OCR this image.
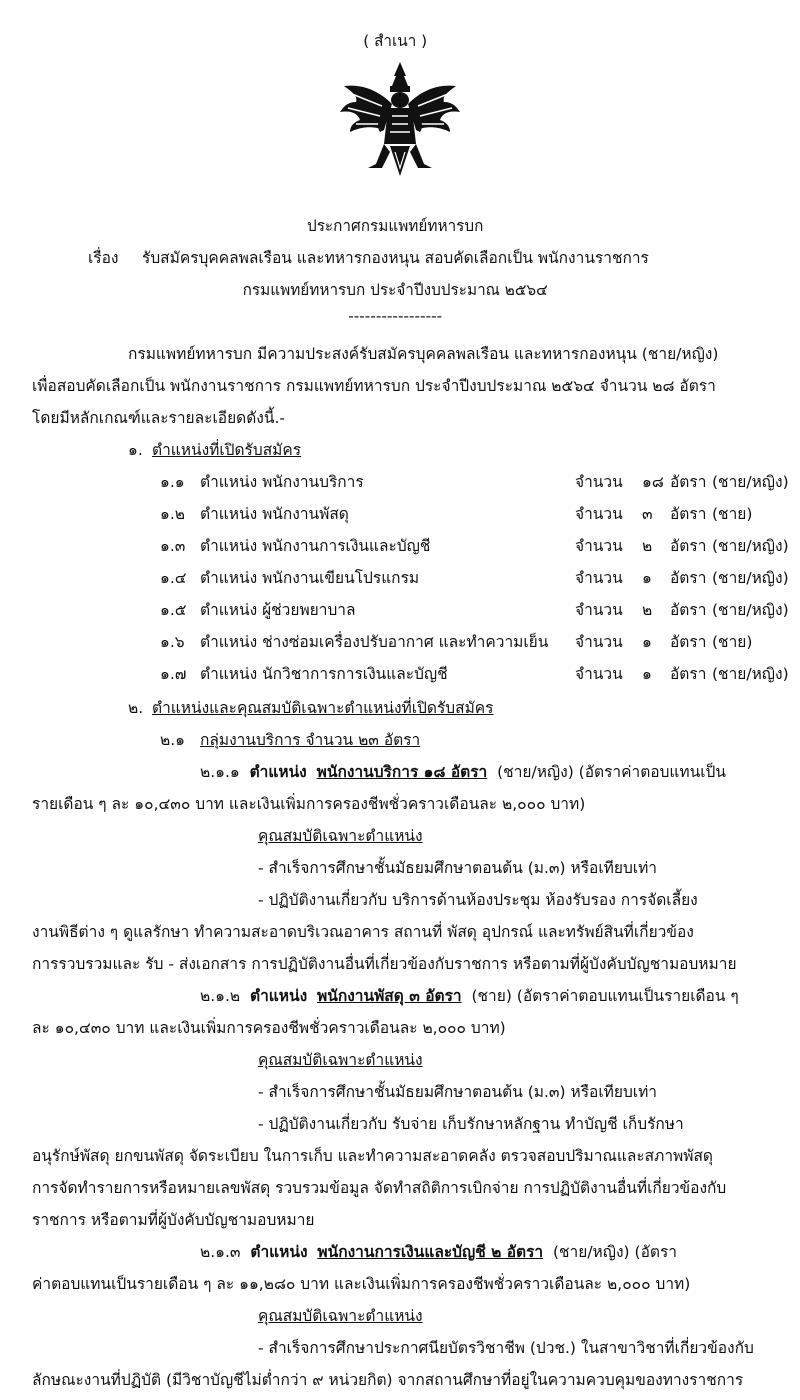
( สำเนา )
ประกาศกรมแพทย์ทหารบก
เรื่อง รับสมัครบุคคลพลเรือน และทหารกองหนุน สอบคัดเลือกเป็น พนักงานราชการ
กรมแพทย์ทหารบก ประจำปีงบประมาณ ๒๕๖๔
-----------------
กรมแพทย์ทหารบก มีความประสงค์รับสมัครบุคคลพลเรือน และทหารกองหนุน (ชาย/หญิง)
เพื่อสอบคัดเลือกเป็น พนักงานราชการ กรมแพทย์ทหารบก ประจำปีงบประมาณ ๒๕๖๔ จำนวน ๒๘ อัตรา
โดยมีหลักเกณฑ์และรายละเอียดดังนี้.-
๑. ตำแหน่งที่เปิดรับสมัคร
๑.๑ ตำแหน่ง พนักงานบริการ	จำนวน ๑๘ อัตรา (ชาย/หญิง)
๑.๒ ตำแหน่ง พนักงานพัสดุ	จำนวน ๓ อัตรา (ชาย)
๑.๓ ตำแหน่ง พนักงานการเงินและบัญชี	จำนวน ๒ อัตรา (ชาย/หญิง)
๑.๔ ตำแหน่ง พนักงานเขียนโปรแกรม	จำนวน ๑ อัตรา (ชาย/หญิง)
๑.๕ ตำแหน่ง ผู้ช่วยพยาบาล	จำนวน ๒ อัตรา (ชาย/หญิง)
๑.๖ ตำแหน่ง ช่างซ่อมเครื่องปรับอากาศ และทำความเย็น จำนวน ๑ อัตรา (ชาย)
๑.๗ ตำแหน่ง นักวิชาการการเงินและบัญชี	จำนวน ๑ อัตรา (ชาย/หญิง)
๒. ตำแหน่งและคุณสมบัติเฉพาะตำแหน่งที่เปิดรับสมัคร
๒.๑ กลุ่มงานบริการ จำนวน ๒๓ อัตรา
๒.๑.๑ ตำแหน่ง พนักงานบริการ ๑๘ อัตรา (ชาย/หญิง) (อัตราค่าตอบแทนเป็น
รายเดือน ๆ ละ ๑๐,๔๓๐ บาท และเงินเพิ่มการครองชีพชั่วคราวเดือนละ ๒,๐๐๐ บาท)
คุณสมบัติเฉพาะตำแหน่ง
- สำเร็จการศึกษาชั้นมัธยมศึกษาตอนต้น (ม.๓) หรือเทียบเท่า
- ปฏิบัติงานเกี่ยวกับ บริการด้านห้องประชุม ห้องรับรอง การจัดเลี้ยง
งานพิธีต่าง ๆ ดูแลรักษา ทำความสะอาดบริเวณอาคาร สถานที่ พัสดุ อุปกรณ์ และทรัพย์สินที่เกี่ยวข้อง
การรวบรวมและ รับ - ส่งเอกสาร การปฏิบัติงานอื่นที่เกี่ยวข้องกับราชการ หรือตามที่ผู้บังคับบัญชามอบหมาย
๒.๑.๒ ตำแหน่ง พนักงานพัสดุ ๓ อัตรา (ชาย) (อัตราค่าตอบแทนเป็นรายเดือน ๆ
ละ ๑๐,๔๓๐ บาท และเงินเพิ่มการครองชีพชั่วคราวเดือนละ ๒,๐๐๐ บาท)
คุณสมบัติเฉพาะตำแหน่ง
- สำเร็จการศึกษาชั้นมัธยมศึกษาตอนต้น (ม.๓) หรือเทียบเท่า
- ปฏิบัติงานเกี่ยวกับ รับจ่าย เก็บรักษาหลักฐาน ทำบัญชี เก็บรักษา
อนุรักษ์พัสดุ ยกขนพัสดุ จัดระเบียบ ในการเก็บ และทำความสะอาดคลัง ตรวจสอบปริมาณและสภาพพัสดุ
การจัดทำรายการหรือหมายเลขพัสดุ รวบรวมข้อมูล จัดทำสถิติการเบิกจ่าย การปฏิบัติงานอื่นที่เกี่ยวข้องกับ
ราชการ หรือตามที่ผู้บังคับบัญชามอบหมาย
๒.๑.๓ ตำแหน่ง พนักงานการเงินและบัญชี ๒ อัตรา (ชาย/หญิง) (อัตรา
ค่าตอบแทนเป็นรายเดือน ๆ ละ ๑๑,๒๘๐ บาท และเงินเพิ่มการครองชีพชั่วคราวเดือนละ ๒,๐๐๐ บาท)
คุณสมบัติเฉพาะตำแหน่ง
- สำเร็จการศึกษาประกาศนียบัตรวิชาชีพ (ปวช.) ในสาขาวิชาที่เกี่ยวข้องกับ
ลักษณะงานที่ปฏิบัติ (มีวิชาบัญชีไม่ต่ำกว่า ๙ หน่วยกิต) จากสถานศึกษาที่อยู่ในความควบคุมของทางราชการ
